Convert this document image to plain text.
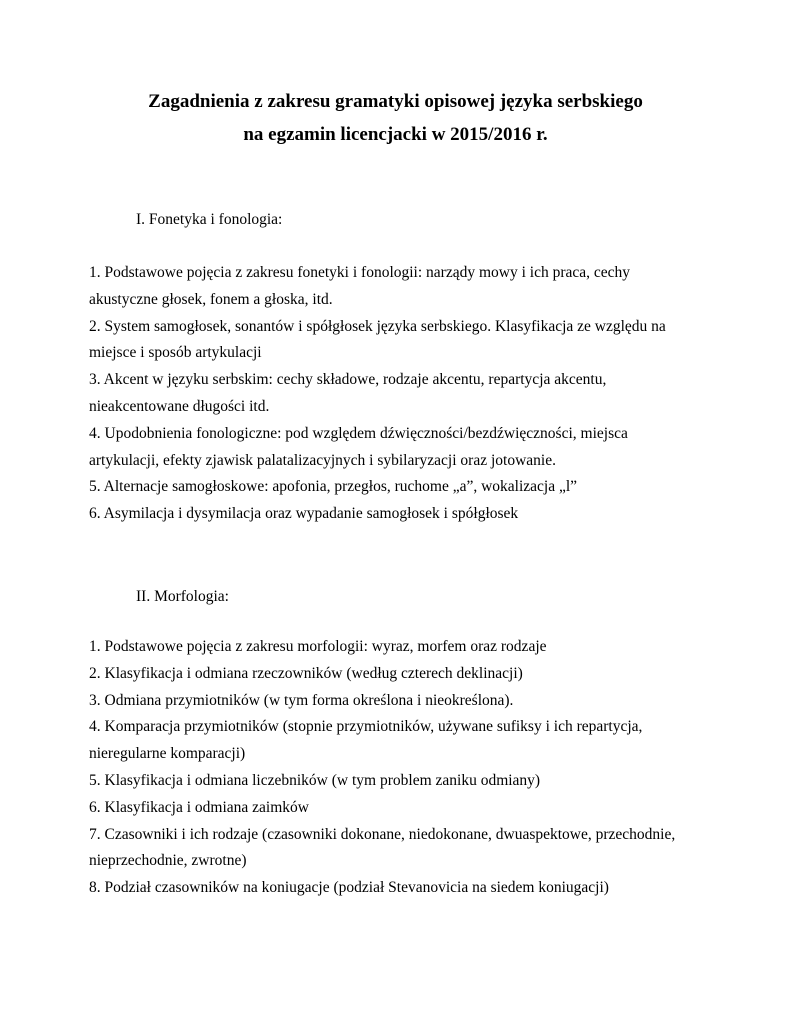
Zagadnienia z zakresu gramatyki opisowej języka serbskiego
na egzamin licencjacki w 2015/2016 r.
I. Fonetyka i fonologia:
1. Podstawowe pojęcia z zakresu fonetyki i fonologii: narządy mowy i ich praca, cechy
akustyczne głosek, fonem a głoska, itd.
2. System samogłosek, sonantów i spółgłosek języka serbskiego. Klasyfikacja ze względu na
miejsce i sposób artykulacji
3. Akcent w języku serbskim: cechy składowe, rodzaje akcentu, repartycja akcentu,
nieakcentowane długości itd.
4. Upodobnienia fonologiczne: pod względem dźwięczności/bezdźwięczności, miejsca
artykulacji, efekty zjawisk palatalizacyjnych i sybilaryzacji oraz jotowanie.
5. Alternacje samogłoskowe: apofonia, przegłos, ruchome „a”, wokalizacja „l”
6. Asymilacja i dysymilacja oraz wypadanie samogłosek i spółgłosek
II. Morfologia:
1. Podstawowe pojęcia z zakresu morfologii: wyraz, morfem oraz rodzaje
2. Klasyfikacja i odmiana rzeczowników (według czterech deklinacji)
3. Odmiana przymiotników (w tym forma określona i nieokreślona).
4. Komparacja przymiotników (stopnie przymiotników, używane sufiksy i ich repartycja,
nieregularne komparacji)
5. Klasyfikacja i odmiana liczebników (w tym problem zaniku odmiany)
6. Klasyfikacja i odmiana zaimków
7. Czasowniki i ich rodzaje (czasowniki dokonane, niedokonane, dwuaspektowe, przechodnie,
nieprzechodnie, zwrotne)
8. Podział czasowników na koniugacje (podział Stevanovicia na siedem koniugacji)
